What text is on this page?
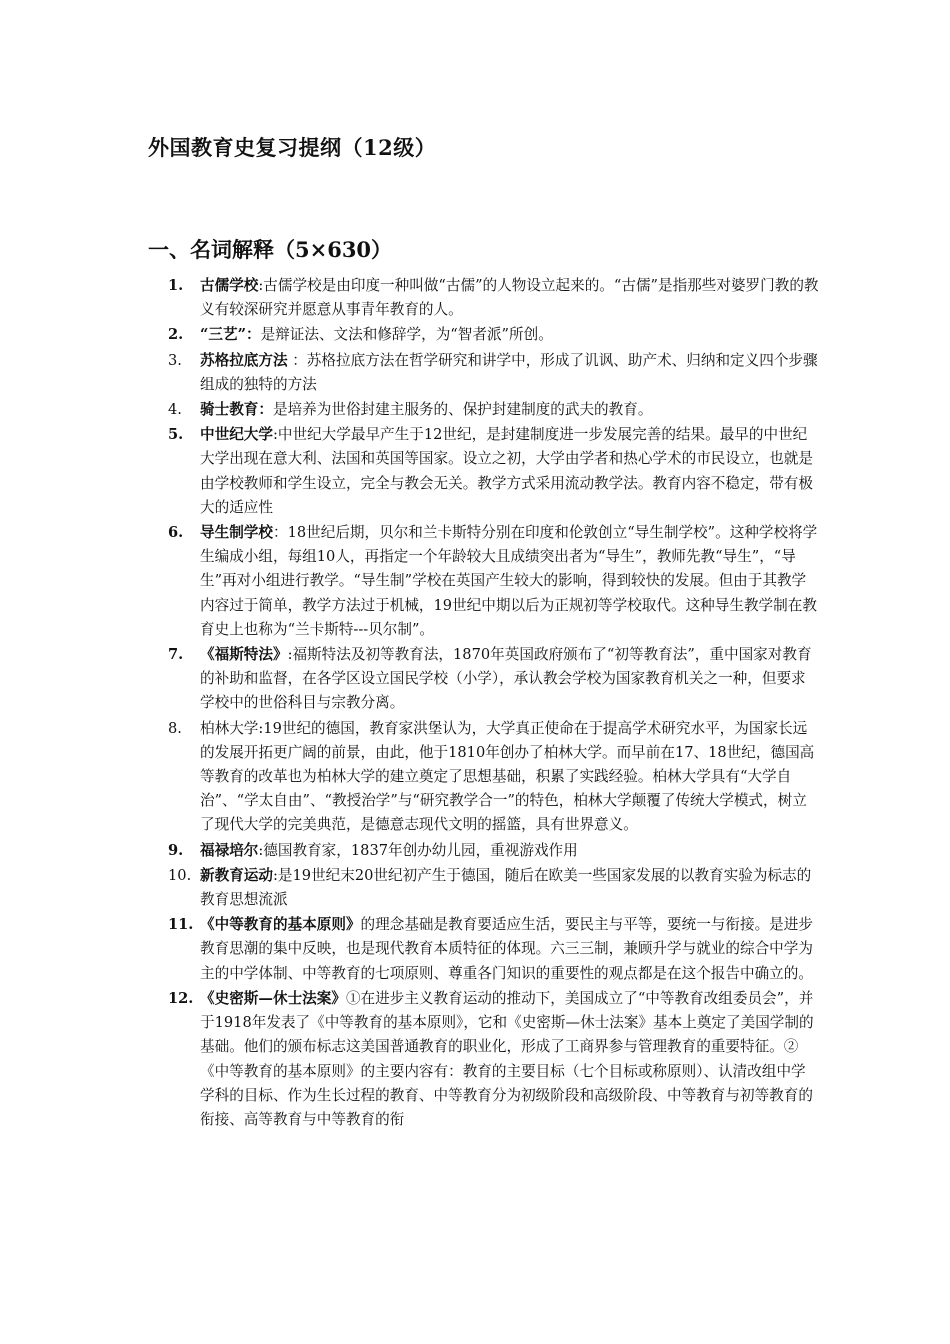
外国教育史复习提纲（12级）
一、名词解释（5×630）
1. 古儒学校:古儒学校是由印度一种叫做“古儒”的人物设立起来的。“古儒”是指那些对婆罗门教的教义有较深研究并愿意从事青年教育的人。
2. “三艺”：是辩证法、文法和修辞学，为“智者派”所创。
3. 苏格拉底方法 ：苏格拉底方法在哲学研究和讲学中，形成了讥讽、助产术、归纳和定义四个步骤组成的独特的方法
4. 骑士教育：是培养为世俗封建主服务的、保护封建制度的武夫的教育。
5. 中世纪大学:中世纪大学最早产生于12世纪，是封建制度进一步发展完善的结果。最早的中世纪大学出现在意大利、法国和英国等国家。设立之初，大学由学者和热心学术的市民设立，也就是由学校教师和学生设立，完全与教会无关。教学方式采用流动教学法。教育内容不稳定，带有极大的适应性
6. 导生制学校：18世纪后期，贝尔和兰卡斯特分别在印度和伦敦创立“导生制学校”。这种学校将学生编成小组，每组10人，再指定一个年龄较大且成绩突出者为“导生”，教师先教“导生”，“导生”再对小组进行教学。“导生制”学校在英国产生较大的影响，得到较快的发展。但由于其教学内容过于简单，教学方法过于机械，19世纪中期以后为正规初等学校取代。这种导生教学制在教育史上也称为“兰卡斯特---贝尔制”。
7. 《福斯特法》:福斯特法及初等教育法，1870年英国政府颁布了“初等教育法”，重中国家对教育的补助和监督，在各学区设立国民学校（小学），承认教会学校为国家教育机关之一种，但要求学校中的世俗科目与宗教分离。
8. 柏林大学:19世纪的德国，教育家洪堡认为，大学真正使命在于提高学术研究水平，为国家长远的发展开拓更广阔的前景，由此，他于1810年创办了柏林大学。而早前在17、18世纪，德国高等教育的改革也为柏林大学的建立奠定了思想基础，积累了实践经验。柏林大学具有“大学自治”、“学太自由”、“教授治学”与“研究教学合一”的特色，柏林大学颠覆了传统大学模式，树立了现代大学的完美典范，是德意志现代文明的摇篮，具有世界意义。
9. 福禄培尔:德国教育家，1837年创办幼儿园，重视游戏作用
10. 新教育运动:是19世纪末20世纪初产生于德国，随后在欧美一些国家发展的以教育实验为标志的教育思想流派
11. 《中等教育的基本原则》的理念基础是教育要适应生活，要民主与平等，要统一与衔接。是进步教育思潮的集中反映，也是现代教育本质特征的体现。六三三制，兼顾升学与就业的综合中学为主的中学体制、中等教育的七项原则、尊重各门知识的重要性的观点都是在这个报告中确立的。
12. 《史密斯—休士法案》①在进步主义教育运动的推动下，美国成立了“中等教育改组委员会”，并于1918年发表了《中等教育的基本原则》，它和《史密斯—休士法案》基本上奠定了美国学制的基础。他们的颁布标志这美国普通教育的职业化，形成了工商界参与管理教育的重要特征。②《中等教育的基本原则》的主要内容有：教育的主要目标（七个目标或称原则）、认清改组中学学科的目标、作为生长过程的教育、中等教育分为初级阶段和高级阶段、中等教育与初等教育的衔接、高等教育与中等教育的衔
